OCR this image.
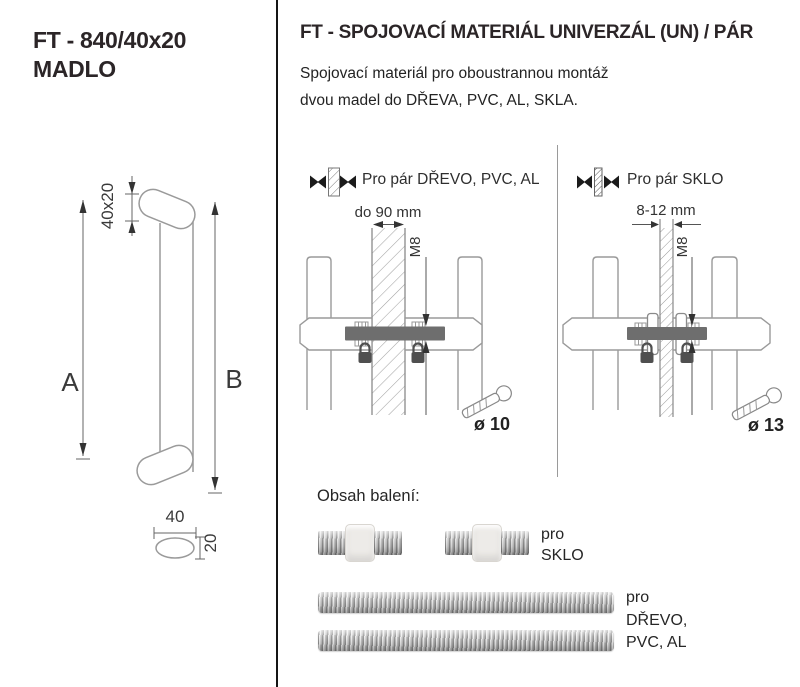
FT - 840/40x20
MADLO
40x20
40
20
A	B
FT - SPOJOVACÍ MATERIÁL UNIVERZÁL (UN) / PÁR
Spojovací materiál pro oboustrannou montáž
dvou madel do DŘEVA, PVC, AL, SKLA.
Pro pár DŘEVO, PVC, AL	Pro pár SKLO
M8
do 90 mm
ø 10
M8
8-12 mm
ø 13
Obsah balení:
pro
SKLO
pro
DŘEVO,
PVC, AL
